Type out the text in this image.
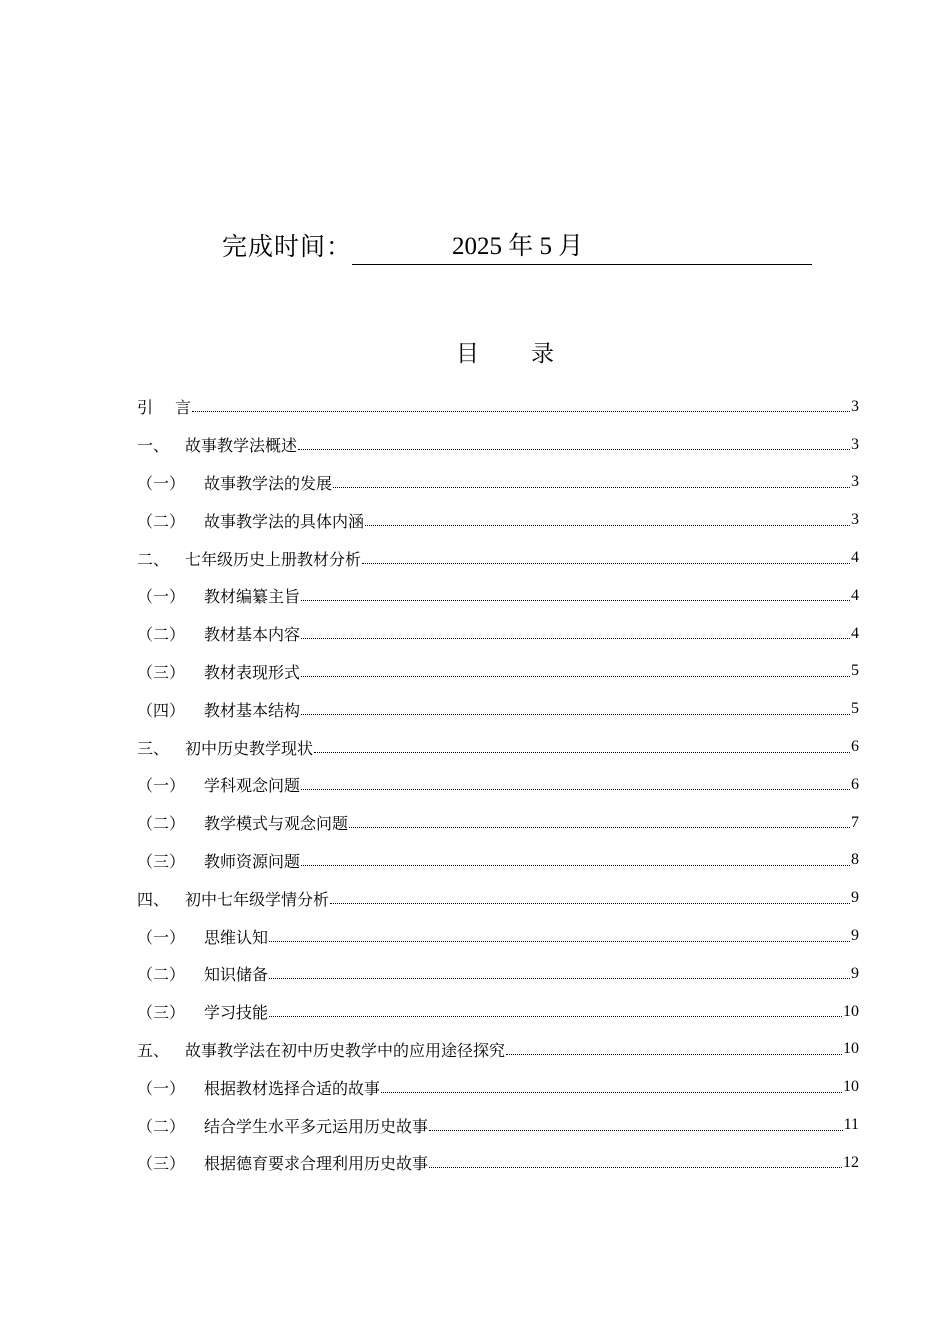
完成时间：	2025 年 5 月
目录
引	言	3
一、 故事教学法概述	3
（一）	故事教学法的发展	3
（二）	故事教学法的具体内涵	3
二、 七年级历史上册教材分析	4
（一）	教材编纂主旨	4
（二）	教材基本内容	4
（三）	教材表现形式	5
（四）	教材基本结构	5
三、 初中历史教学现状	6
（一）	学科观念问题	6
（二）	教学模式与观念问题	7
（三）	教师资源问题	8
四、 初中七年级学情分析	9
（一）	思维认知	9
（二）	知识储备	9
（三）	学习技能	10
五、 故事教学法在初中历史教学中的应用途径探究	10
（一）	根据教材选择合适的故事	10
（二）	结合学生水平多元运用历史故事	11
（三）	根据德育要求合理利用历史故事	12
